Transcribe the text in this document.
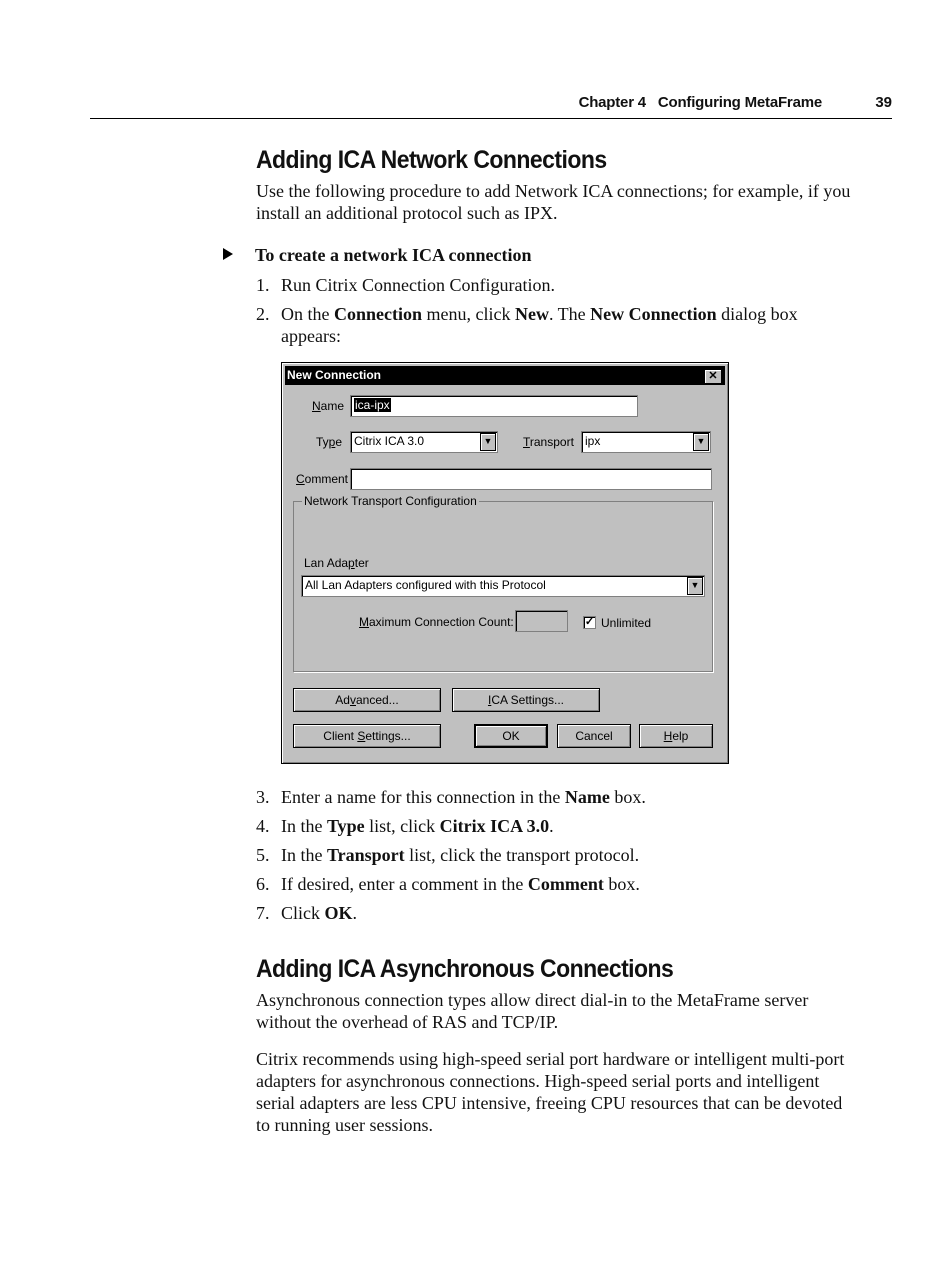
Chapter 4   Configuring MetaFrame	39
Adding ICA Network Connections
Use the following procedure to add Network ICA connections; for example, if you
install an additional protocol such as IPX.
To create a network ICA connection
1. Run Citrix Connection Configuration.
2. On the Connection menu, click New. The New Connection dialog box
appears:
New Connection	✕
Name ica-ipx
Type Citrix ICA 3.0	▼	Transport ipx	▼
Comment
Network Transport Configuration
Lan Adapter
All Lan Adapters configured with this Protocol	▼
Maximum Connection Count:	✓ Unlimited
Advanced...	ICA Settings...
Client Settings...	OK	Cancel	Help
3. Enter a name for this connection in the Name box.
4. In the Type list, click Citrix ICA 3.0.
5. In the Transport list, click the transport protocol.
6. If desired, enter a comment in the Comment box.
7. Click OK.
Adding ICA Asynchronous Connections
Asynchronous connection types allow direct dial-in to the MetaFrame server
without the overhead of RAS and TCP/IP.
Citrix recommends using high-speed serial port hardware or intelligent multi-port
adapters for asynchronous connections. High-speed serial ports and intelligent
serial adapters are less CPU intensive, freeing CPU resources that can be devoted
to running user sessions.
